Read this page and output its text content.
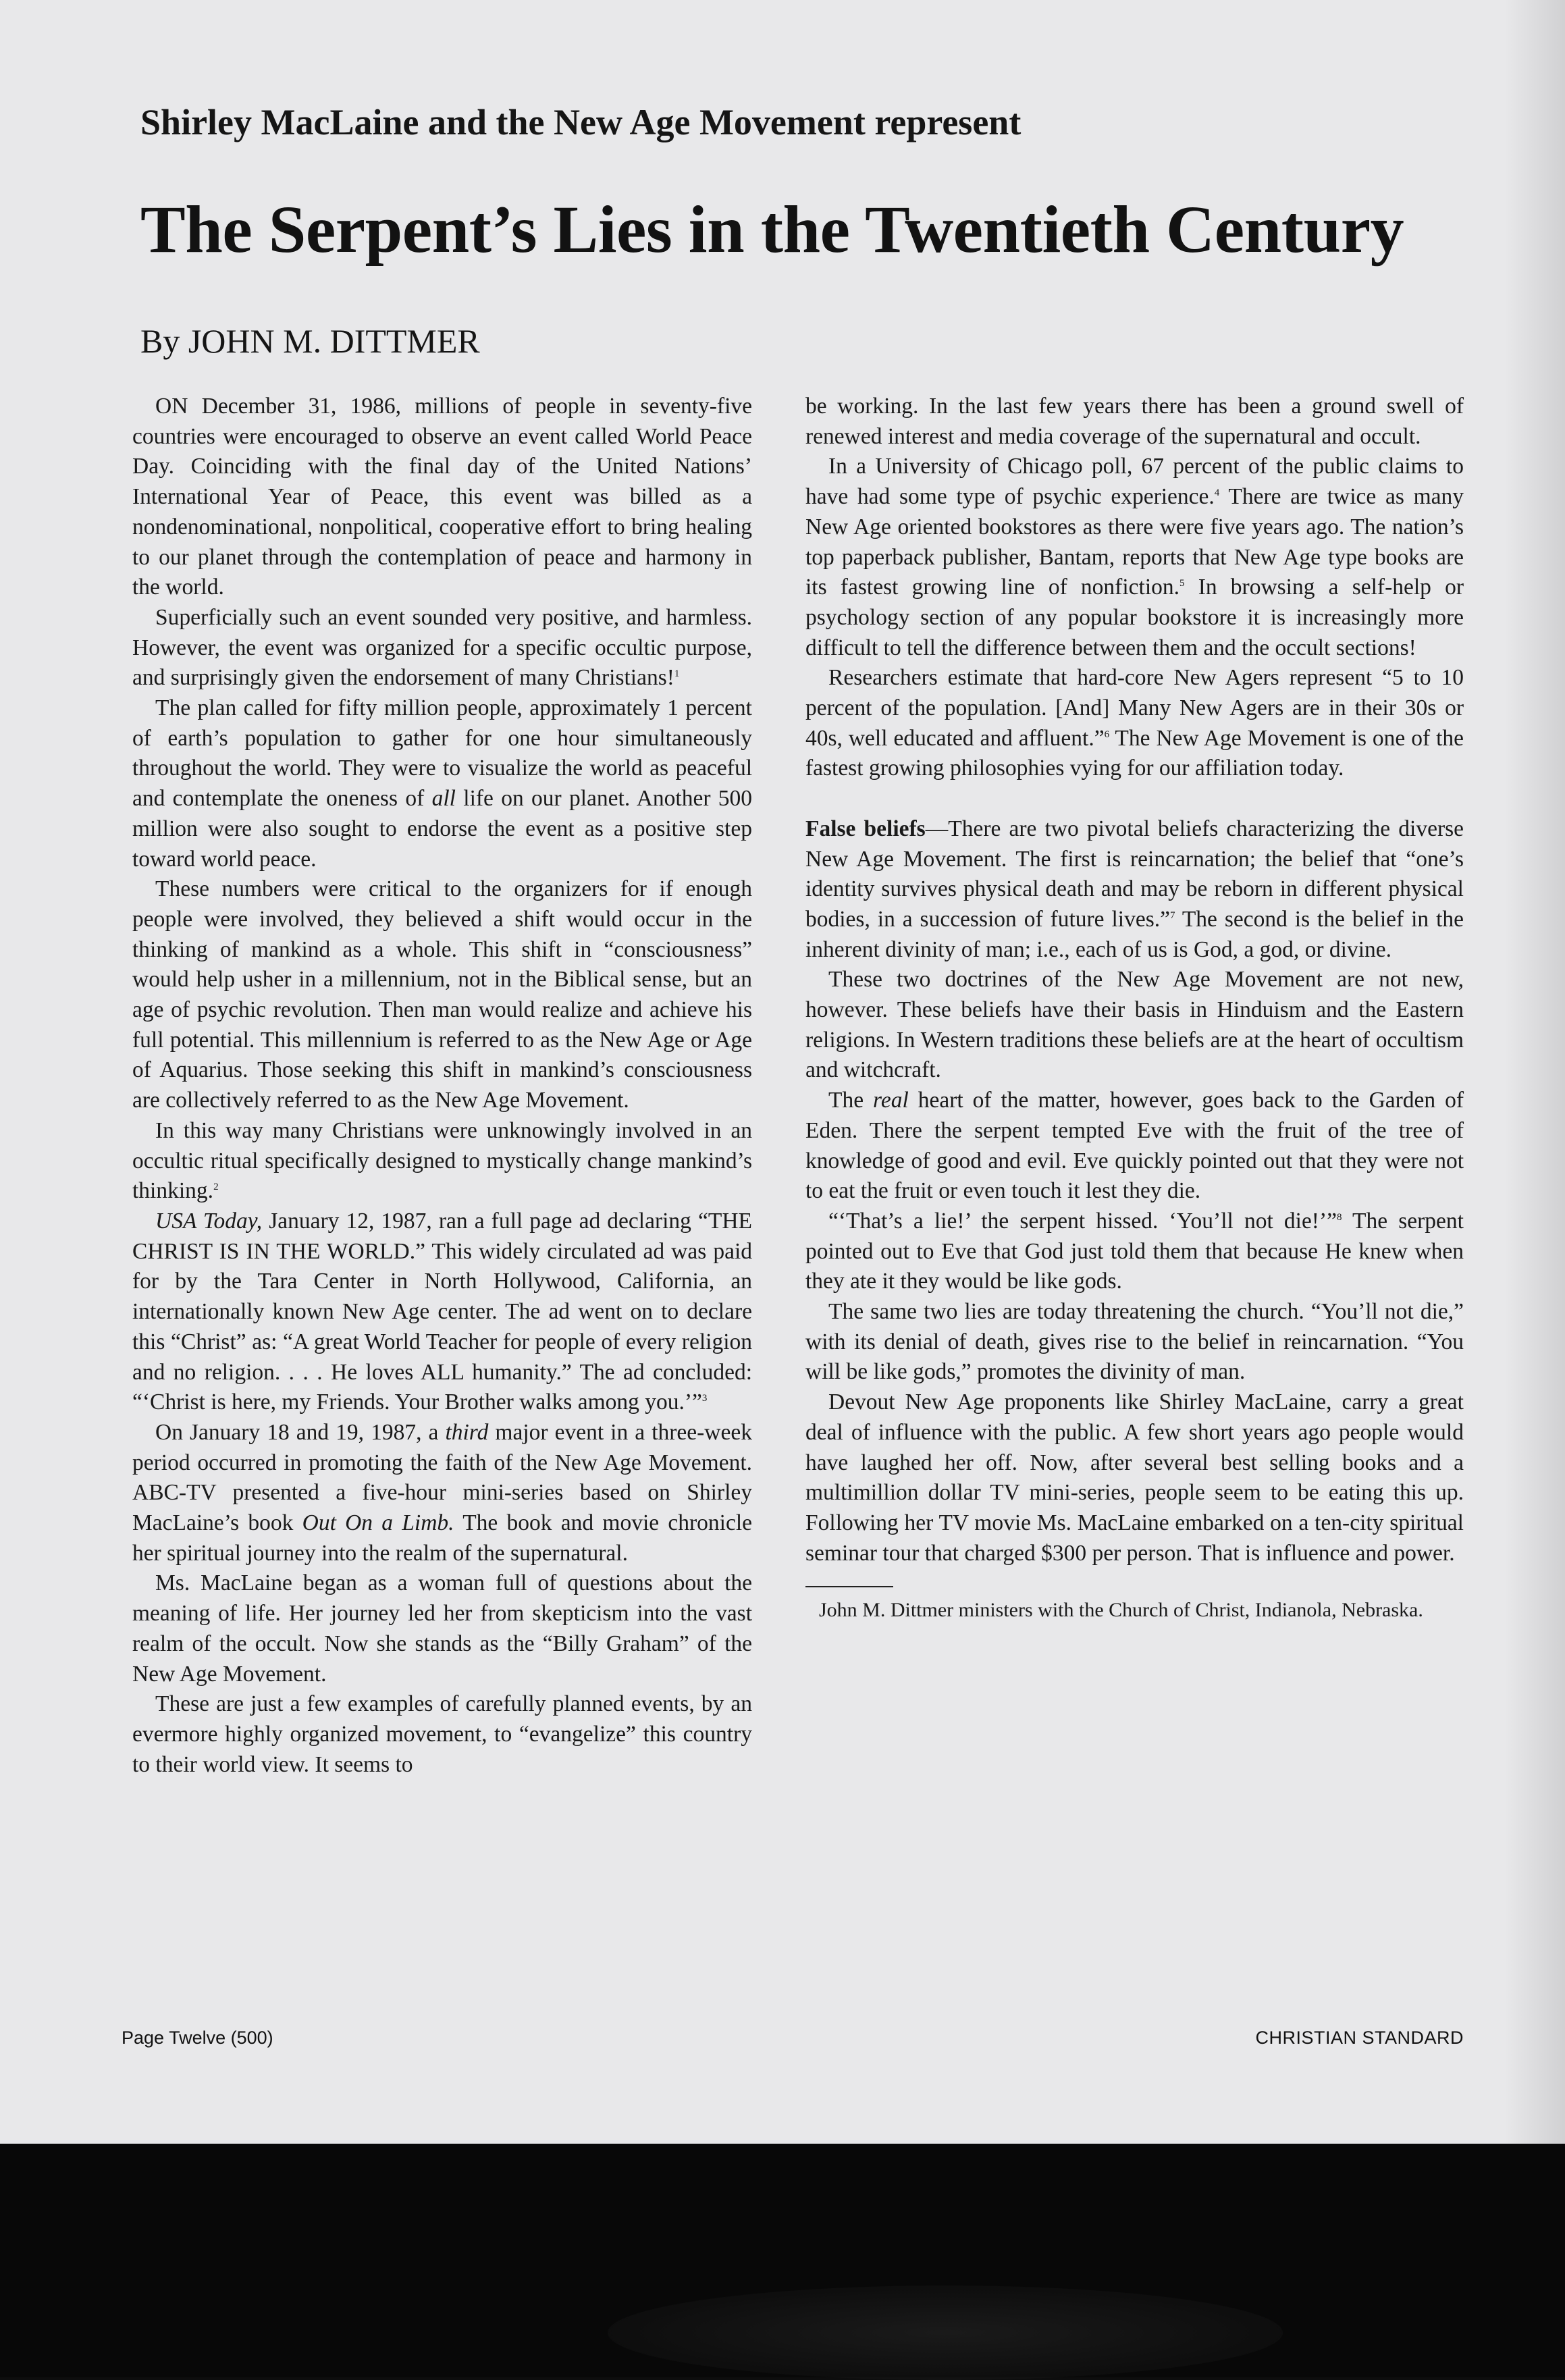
Shirley MacLaine and the New Age Movement represent
The Serpent’s Lies in the Twentieth Century
By JOHN M. DITTMER

ON December 31, 1986, millions of people in seventy-five countries were encouraged to observe an event called World Peace Day. Coinciding with the final day of the United Nations’ International Year of Peace, this event was billed as a nondenominational, nonpolitical, cooperative effort to bring healing to our planet through the contemplation of peace and harmony in the world.

Superficially such an event sounded very positive, and harmless. However, the event was organized for a specific occultic purpose, and surprisingly given the endorsement of many Christians!$^1$

The plan called for fifty million people, approximately 1 percent of earth’s population to gather for one hour simultaneously throughout the world. They were to visualize the world as peaceful and contemplate the oneness of all life on our planet. Another 500 million were also sought to endorse the event as a positive step toward world peace.

These numbers were critical to the organizers for if enough people were involved, they believed a shift would occur in the thinking of mankind as a whole. This shift in “consciousness” would help usher in a millennium, not in the Biblical sense, but an age of psychic revolution. Then man would realize and achieve his full potential. This millennium is referred to as the New Age or Age of Aquarius. Those seeking this shift in mankind’s consciousness are collectively referred to as the New Age Movement.

In this way many Christians were unknowingly involved in an occultic ritual specifically designed to mystically change mankind’s thinking.$^2$

USA Today, January 12, 1987, ran a full page ad declaring “THE CHRIST IS IN THE WORLD.” This widely circulated ad was paid for by the Tara Center in North Hollywood, California, an internationally known New Age center. The ad went on to declare this “Christ” as: “A great World Teacher for people of every religion and no religion. . . . He loves ALL humanity.” The ad concluded: “‘Christ is here, my Friends. Your Brother walks among you.’”$^3$

On January 18 and 19, 1987, a third major event in a three-week period occurred in promoting the faith of the New Age Movement. ABC-TV presented a five-hour mini-series based on Shirley MacLaine’s book Out On a Limb. The book and movie chronicle her spiritual journey into the realm of the supernatural.

Ms. MacLaine began as a woman full of questions about the meaning of life. Her journey led her from skepticism into the vast realm of the occult. Now she stands as the “Billy Graham” of the New Age Movement.

These are just a few examples of carefully planned events, by an evermore highly organized movement, to “evangelize” this country to their world view. It seems to

be working. In the last few years there has been a ground swell of renewed interest and media coverage of the supernatural and occult.

In a University of Chicago poll, 67 percent of the public claims to have had some type of psychic experience.$^4$ There are twice as many New Age oriented bookstores as there were five years ago. The nation’s top paperback publisher, Bantam, reports that New Age type books are its fastest growing line of nonfiction.$^5$ In browsing a self-help or psychology section of any popular bookstore it is increasingly more difficult to tell the difference between them and the occult sections!

Researchers estimate that hard-core New Agers represent “5 to 10 percent of the population. [And] Many New Agers are in their 30s or 40s, well educated and affluent.”$^6$ The New Age Movement is one of the fastest growing philosophies vying for our affiliation today.

False beliefs—There are two pivotal beliefs characterizing the diverse New Age Movement. The first is reincarnation; the belief that “one’s identity survives physical death and may be reborn in different physical bodies, in a succession of future lives.”$^7$ The second is the belief in the inherent divinity of man; i.e., each of us is God, a god, or divine.

These two doctrines of the New Age Movement are not new, however. These beliefs have their basis in Hinduism and the Eastern religions. In Western traditions these beliefs are at the heart of occultism and witchcraft.

The real heart of the matter, however, goes back to the Garden of Eden. There the serpent tempted Eve with the fruit of the tree of knowledge of good and evil. Eve quickly pointed out that they were not to eat the fruit or even touch it lest they die.

“‘That’s a lie!’ the serpent hissed. ‘You’ll not die!’”$^8$ The serpent pointed out to Eve that God just told them that because He knew when they ate it they would be like gods.

The same two lies are today threatening the church. “You’ll not die,” with its denial of death, gives rise to the belief in reincarnation. “You will be like gods,” promotes the divinity of man.

Devout New Age proponents like Shirley MacLaine, carry a great deal of influence with the public. A few short years ago people would have laughed her off. Now, after several best selling books and a multimillion dollar TV mini-series, people seem to be eating this up. Following her TV movie Ms. MacLaine embarked on a ten-city spiritual seminar tour that charged $300 per person. That is influence and power.

John M. Dittmer ministers with the Church of Christ, Indianola, Nebraska.

Page Twelve (500)	CHRISTIAN STANDARD
